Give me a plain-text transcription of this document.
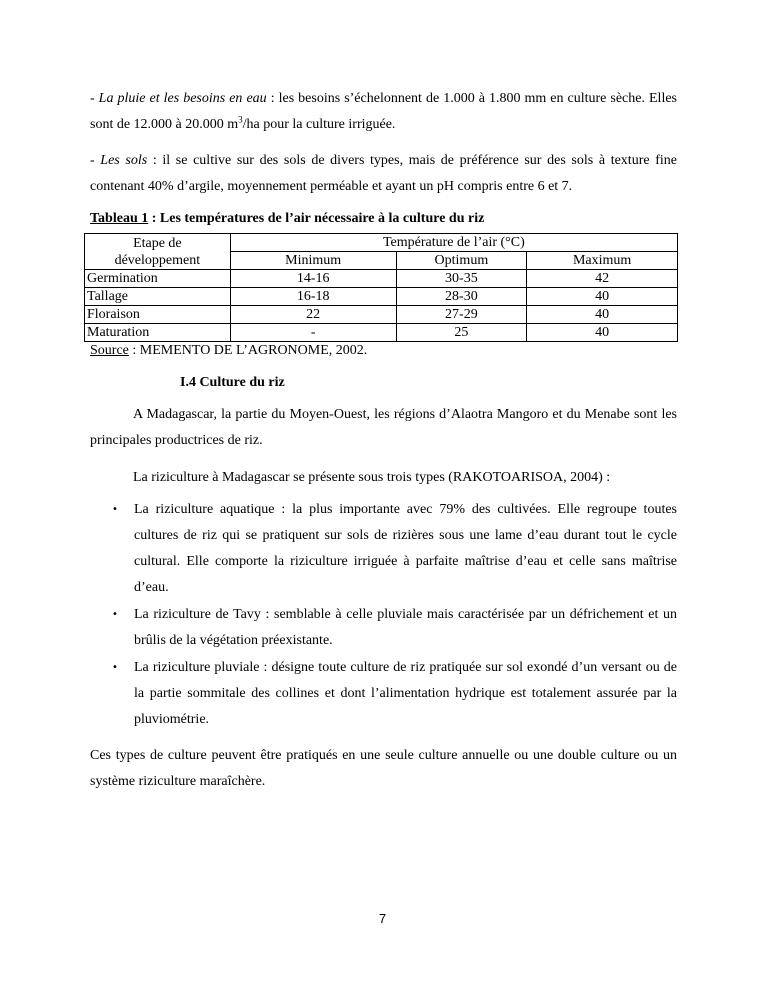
- La pluie et les besoins en eau : les besoins s’échelonnent de 1.000 à 1.800 mm en culture sèche. Elles sont de 12.000 à 20.000 $m^3/ha$ pour la culture irriguée.

- Les sols : il se cultive sur des sols de divers types, mais de préférence sur des sols à texture fine contenant 40% d’argile, moyennement perméable et ayant un pH compris entre 6 et 7.

Tableau 1 : Les températures de l’air nécessaire à la culture du riz

Etape de
développement	Température de l’air (°C)		
	Minimum	Optimum	Maximum
Germination	14-16	30-35	42
Tallage	16-18	28-30	40
Floraison	22	27-29	40
Maturation	-	25	40

Source : MEMENTO DE L’AGRONOME, 2002.

I.4 Culture du riz

A Madagascar, la partie du Moyen-Ouest, les régions d’Alaotra Mangoro et du Menabe sont les principales productrices de riz.

La riziculture à Madagascar se présente sous trois types (RAKOTOARISOA, 2004) :

• La riziculture aquatique : la plus importante avec 79% des cultivées. Elle regroupe toutes cultures de riz qui se pratiquent sur sols de rizières sous une lame d’eau durant tout le cycle cultural. Elle comporte la riziculture irriguée à parfaite maîtrise d’eau et celle sans maîtrise d’eau.
• La riziculture de Tavy : semblable à celle pluviale mais caractérisée par un défrichement et un brûlis de la végétation préexistante.
• La riziculture pluviale : désigne toute culture de riz pratiquée sur sol exondé d’un versant ou de la partie sommitale des collines et dont l’alimentation hydrique est totalement assurée par la pluviométrie.

Ces types de culture peuvent être pratiqués en une seule culture annuelle ou une double culture ou un système riziculture maraîchère.

7
